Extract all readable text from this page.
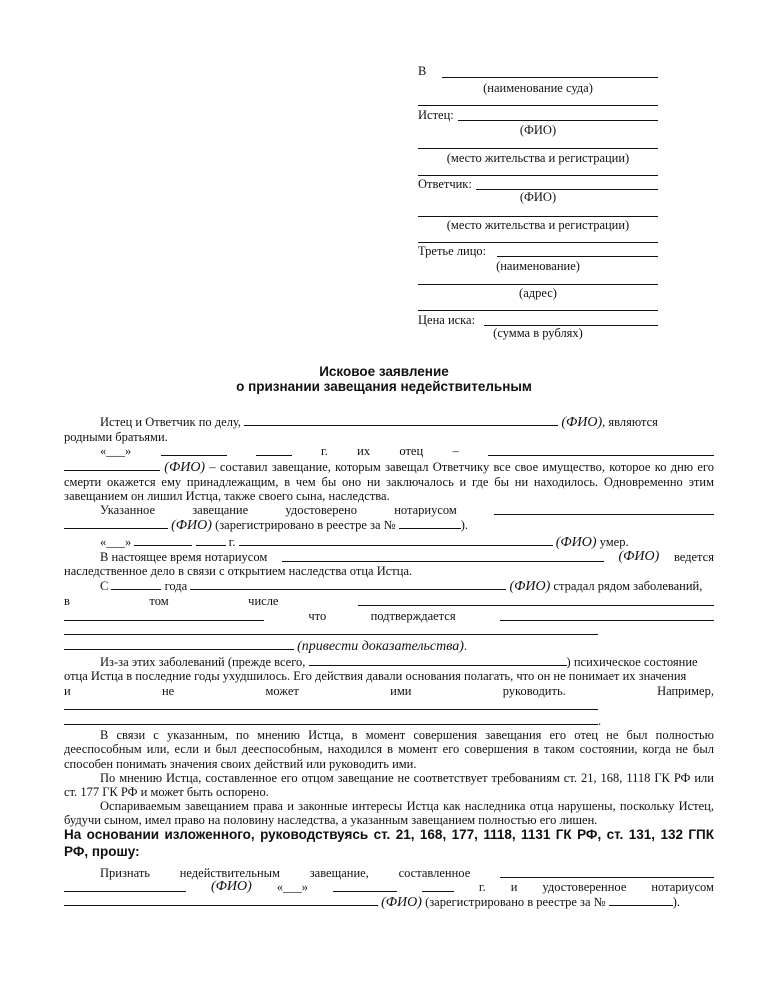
В
(наименование суда)
Истец:
(ФИО)
(место жительства и регистрации)
Ответчик:
(ФИО)
(место жительства и регистрации)
Третье лицо:
(наименование)
(адрес)
Цена иска:
(сумма в рублях)
Исковое заявление
о признании завещания недействительным

Истец и Ответчик по делу,	(ФИО), являются

родными братьями.

«___»	г. их отец –

(ФИО) – составил завещание, которым завещал Ответчику все свое имущество, которое ко дню его смерти окажется ему принадлежащим, в чем бы оно ни заключалось и где бы ни находилось. Одновременно этим завещанием он лишил Истца, также своего сына, наследства.

Указанное	завещание	удостоверено	нотариусом

(ФИО) (зарегистрировано в реестре за №	).

«___»	г.	(ФИО) умер.

В настоящее время нотариусом	(ФИО) ведется

наследственное дело в связи с открытием наследства отца Истца.

С	года	(ФИО) страдал рядом заболеваний,

в	том	числе
что	подтверждается

(привести доказательства).

Из-за этих заболеваний (прежде всего,	) психическое состояние

отца Истца в последние годы ухудшилось. Его действия давали основания полагать, что он не понимает их значения

и	не	может	ими	руководить.	Например,

.

В связи с указанным, по мнению Истца, в момент совершения завещания его отец не был полностью дееспособным или, если и был дееспособным, находился в момент его совершения в таком состоянии, когда не был способен понимать значения своих действий или руководить ими.

По мнению Истца, составленное его отцом завещание не соответствует требованиям ст. 21, 168, 1118 ГК РФ или ст. 177 ГК РФ и может быть оспорено.

Оспариваемым завещанием права и законные интересы Истца как наследника отца нарушены, поскольку Истец, будучи сыном, имел право на половину наследства, а указанным завещанием полностью его лишен.

На основании изложенного, руководствуясь ст. 21, 168, 177, 1118, 1131 ГК РФ, ст. 131, 132 ГПК РФ, прошу:
Признать недействительным завещание, составленное
(ФИО) «___»	г. и удостоверенное нотариусом

(ФИО) (зарегистрировано в реестре за №	).
